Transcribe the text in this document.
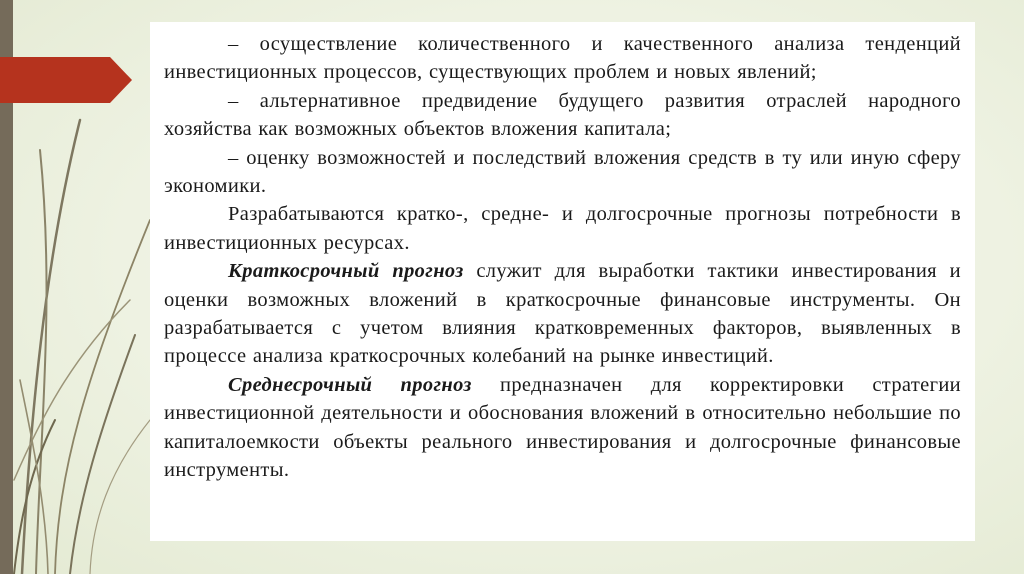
– осуществление количественного и качественного анализа тенденций инвестиционных процессов, существующих проблем и новых явлений;

– альтернативное предвидение будущего развития отраслей народного хозяйства как возможных объектов вложения капитала;

– оценку возможностей и последствий вложения средств в ту или иную сферу экономики.

Разрабатываются кратко-, средне- и долгосрочные прогнозы потребности в инвестиционных ресурсах.

Краткосрочный прогноз служит для выработки тактики инвестирования и оценки возможных вложений в краткосрочные финансовые инструменты. Он разрабатывается с учетом влияния кратковременных факторов, выявленных в процессе анализа краткосрочных колебаний на рынке инвестиций.

Среднесрочный прогноз предназначен для корректировки стратегии инвестиционной деятельности и обоснования вложений в относительно небольшие по капиталоемкости объекты реального инвестирования и долгосрочные финансовые инструменты.
